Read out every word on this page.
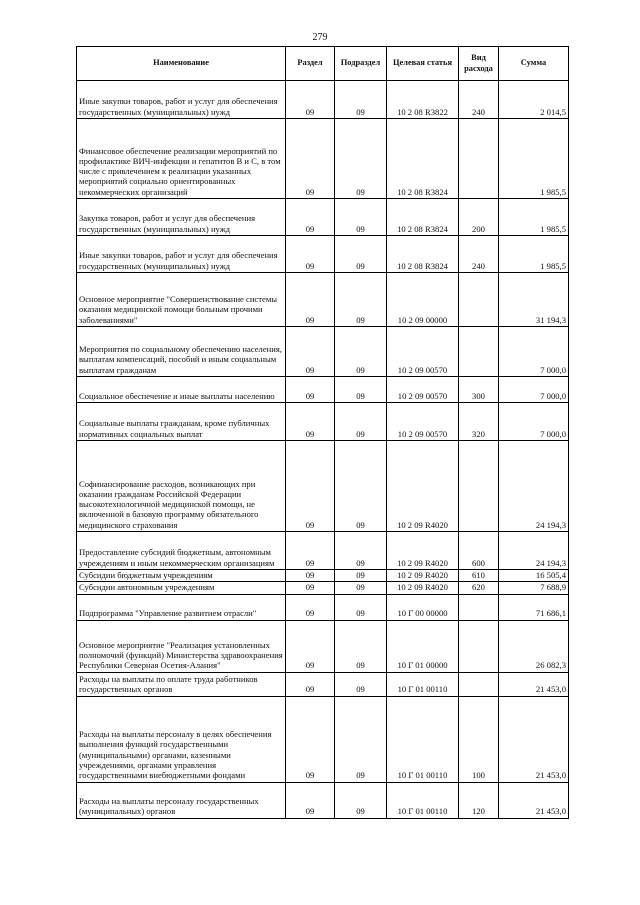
279
Наименование	Раздел	Подраздел	Целевая статья	Вид расхода	Сумма
Иные закупки товаров, работ и услуг для обеспечения государственных (муниципальных) нужд	09	09	10 2 08 R3822	240	2 014,5
Финансовое обеспечение реализации мероприятий по профилактике ВИЧ-инфекции и гепатитов В и С, в том числе с привлечением к реализации указанных мероприятий социально ориентированных некоммерческих организаций	09	09	10 2 08 R3824		1 985,5
Закупка товаров, работ и услуг для обеспечения государственных (муниципальных) нужд	09	09	10 2 08 R3824	200	1 985,5
Иные закупки товаров, работ и услуг для обеспечения государственных (муниципальных) нужд	09	09	10 2 08 R3824	240	1 985,5
Основное мероприятие "Совершенствование системы оказания медицинской помощи больным прочими заболеваниями"	09	09	10 2 09 00000		31 194,3
Мероприятия по социальному обеспечению населения, выплатам компенсаций, пособий и иным социальным выплатам гражданам	09	09	10 2 09 00570		7 000,0
Социальное обеспечение и иные выплаты населению	09	09	10 2 09 00570	300	7 000,0
Социальные выплаты гражданам, кроме публичных нормативных социальных выплат	09	09	10 2 09 00570	320	7 000,0
Софинансирование расходов, возникающих при оказании гражданам Российской Федерации высокотехнологичной медицинской помощи, не включенной в базовую программу обязательного медицинского страхования	09	09	10 2 09 R4020		24 194,3
Предоставление субсидий бюджетным, автономным учреждениям и иным некоммерческим организациям	09	09	10 2 09 R4020	600	24 194,3
Субсидии бюджетным учреждениям	09	09	10 2 09 R4020	610	16 505,4
Субсидии автономным учреждениям	09	09	10 2 09 R4020	620	7 688,9
Подпрограмма "Управление развитием отрасли"	09	09	10 Г 00 00000		71 686,1
Основное мероприятие "Реализация установленных полномочий (функций) Министерства здравоохранения Республики Северная Осетия-Алания"	09	09	10 Г 01 00000		26 082,3
Расходы на выплаты по оплате труда работников государственных органов	09	09	10 Г 01 00110		21 453,0
Расходы на выплаты персоналу в целях обеспечения выполнения функций государственными (муниципальными) органами, казенными учреждениями, органами управления государственными внебюджетными фондами	09	09	10 Г 01 00110	100	21 453,0
Расходы на выплаты персоналу государственных (муниципальных) органов	09	09	10 Г 01 00110	120	21 453,0
